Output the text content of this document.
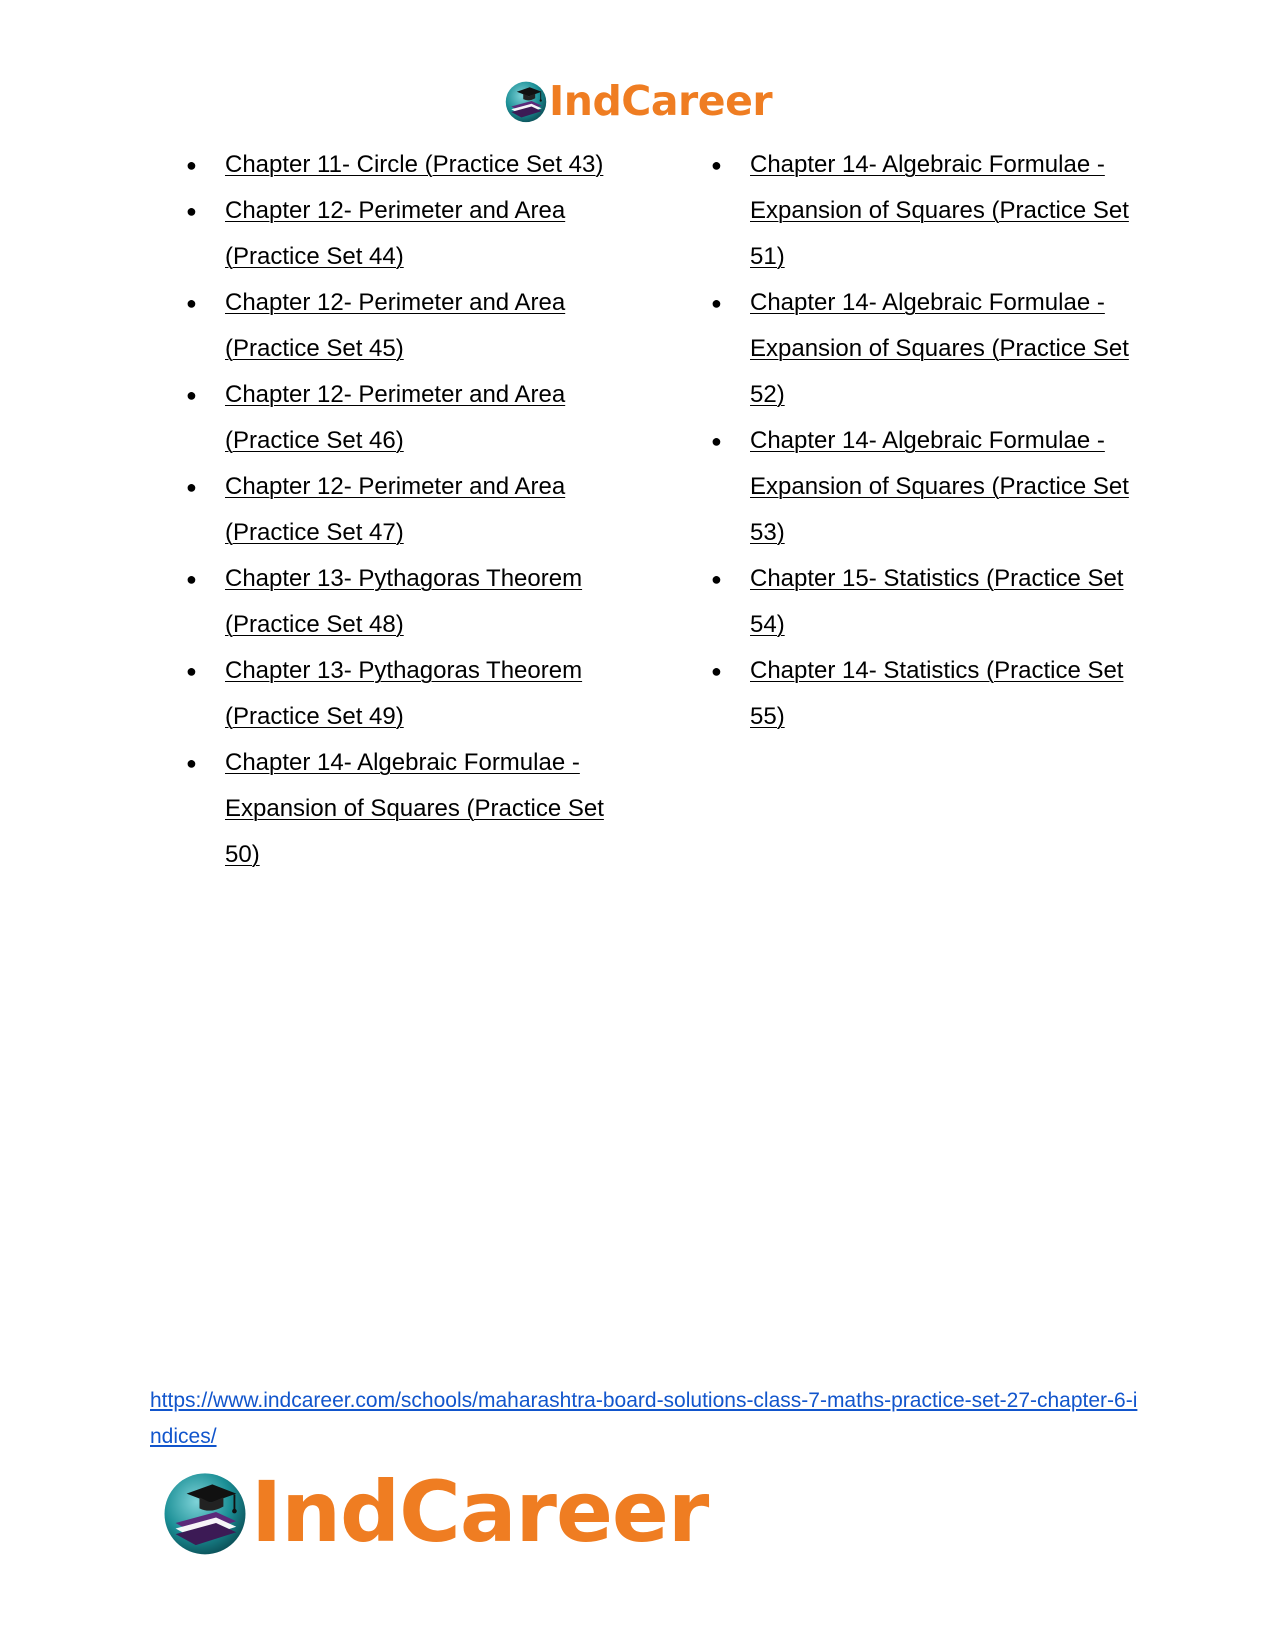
IndCareer
● Chapter 11- Circle (Practice Set 43)
● Chapter 12- Perimeter and Area (Practice Set 44)
● Chapter 12- Perimeter and Area (Practice Set 45)
● Chapter 12- Perimeter and Area (Practice Set 46)
● Chapter 12- Perimeter and Area (Practice Set 47)
● Chapter 13- Pythagoras Theorem (Practice Set 48)
● Chapter 13- Pythagoras Theorem (Practice Set 49)
● Chapter 14- Algebraic Formulae - Expansion of Squares (Practice Set 50)
● Chapter 14- Algebraic Formulae - Expansion of Squares (Practice Set 51)
● Chapter 14- Algebraic Formulae - Expansion of Squares (Practice Set 52)
● Chapter 14- Algebraic Formulae - Expansion of Squares (Practice Set 53)
● Chapter 15- Statistics (Practice Set 54)
● Chapter 14- Statistics (Practice Set 55)
https://www.indcareer.com/schools/maharashtra-board-solutions-class-7-maths-practice-set-27-chapter-6-indices/
IndCareer
